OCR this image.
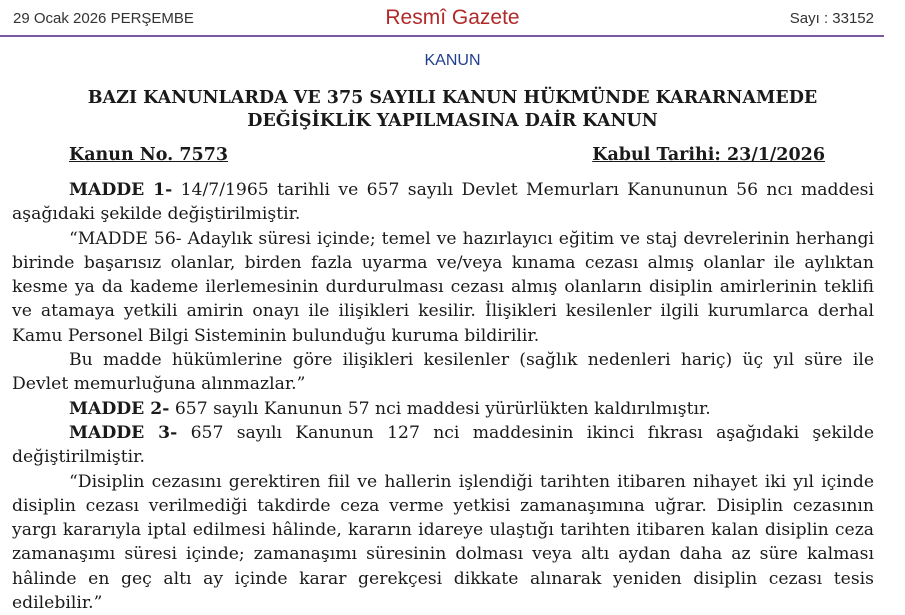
29 Ocak 2026 PERŞEMBE	Resmî Gazete	Sayı : 33152
KANUN
BAZI KANUNLARDA VE 375 SAYILI KANUN HÜKMÜNDE KARARNAMEDE
DEĞİŞİKLİK YAPILMASINA DAİR KANUN
Kanun No. 7573	Kabul Tarihi: 23/1/2026

MADDE 1- 14/7/1965 tarihli ve 657 sayılı Devlet Memurları Kanununun 56 ncı maddesi aşağıdaki şekilde değiştirilmiştir.

“MADDE 56- Adaylık süresi içinde; temel ve hazırlayıcı eğitim ve staj devrelerinin herhangi birinde başarısız olanlar, birden fazla uyarma ve/veya kınama cezası almış olanlar ile aylıktan kesme ya da kademe ilerlemesinin durdurulması cezası almış olanların disiplin amirlerinin teklifi ve atamaya yetkili amirin onayı ile ilişikleri kesilir. İlişikleri kesilenler ilgili kurumlarca derhal Kamu Personel Bilgi Sisteminin bulunduğu kuruma bildirilir.

Bu madde hükümlerine göre ilişikleri kesilenler (sağlık nedenleri hariç) üç yıl süre ile Devlet memurluğuna alınmazlar.”

MADDE 2- 657 sayılı Kanunun 57 nci maddesi yürürlükten kaldırılmıştır.

MADDE 3- 657 sayılı Kanunun 127 nci maddesinin ikinci fıkrası aşağıdaki şekilde değiştirilmiştir.

“Disiplin cezasını gerektiren fiil ve hallerin işlendiği tarihten itibaren nihayet iki yıl içinde disiplin cezası verilmediği takdirde ceza verme yetkisi zamanaşımına uğrar. Disiplin cezasının yargı kararıyla iptal edilmesi hâlinde, kararın idareye ulaştığı tarihten itibaren kalan disiplin ceza zamanaşımı süresi içinde; zamanaşımı süresinin dolması veya altı aydan daha az süre kalması hâlinde en geç altı ay içinde karar gerekçesi dikkate alınarak yeniden disiplin cezası tesis edilebilir.”
